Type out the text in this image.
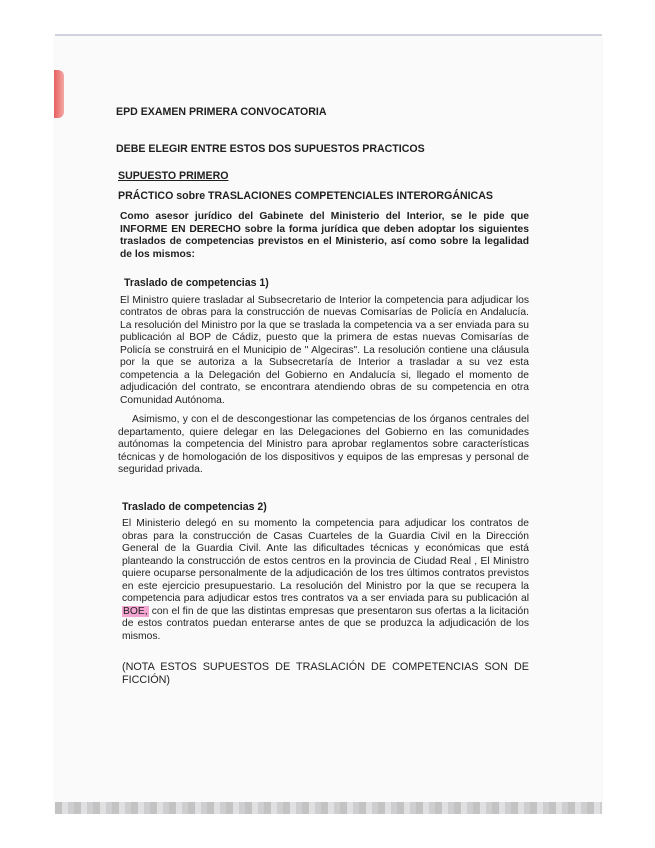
EPD EXAMEN PRIMERA CONVOCATORIA

DEBE ELEGIR ENTRE ESTOS DOS SUPUESTOS PRACTICOS

SUPUESTO PRIMERO

PRÁCTICO sobre TRASLACIONES COMPETENCIALES INTERORGÁNICAS

Como asesor jurídico del Gabinete del Ministerio del Interior, se le pide que INFORME EN DERECHO sobre la forma jurídica que deben adoptar los siguientes traslados de competencias previstos en el Ministerio, así como sobre la legalidad de los mismos:

Traslado de competencias 1)

El Ministro quiere trasladar al Subsecretario de Interior la competencia para adjudicar los contratos de obras para la construcción de nuevas Comisarías de Policía en Andalucía. La resolución del Ministro por la que se traslada la competencia va a ser enviada para su publicación al BOP de Cádiz, puesto que la primera de estas nuevas Comisarías de Policía se construirá en el Municipio de " Algeciras". La resolución contiene una cláusula por la que se autoriza a la Subsecretaría de Interior a trasladar a su vez esta competencia a la Delegación del Gobierno en Andalucía si, llegado el momento de adjudicación del contrato, se encontrara atendiendo obras de su competencia en otra Comunidad Autónoma.

Asimismo, y con el de descongestionar las competencias de los órganos centrales del departamento, quiere delegar en las Delegaciones del Gobierno en las comunidades autónomas la competencia del Ministro para aprobar reglamentos sobre características técnicas y de homologación de los dispositivos y equipos de las empresas y personal de seguridad privada.

Traslado de competencias 2)

El Ministerio delegó en su momento la competencia para adjudicar los contratos de obras para la construcción de Casas Cuarteles de la Guardia Civil en la Dirección General de la Guardia Civil. Ante las dificultades técnicas y económicas que está planteando la construcción de estos centros en la provincia de Ciudad Real , El Ministro quiere ocuparse personalmente de la adjudicación de los tres últimos contratos previstos en este ejercicio presupuestario. La resolución del Ministro por la que se recupera la competencia para adjudicar estos tres contratos va a ser enviada para su publicación al BOE, con el fin de que las distintas empresas que presentaron sus ofertas a la licitación de estos contratos puedan enterarse antes de que se produzca la adjudicación de los mismos.

(NOTA ESTOS SUPUESTOS DE TRASLACIÓN DE COMPETENCIAS SON DE FICCIÓN)
